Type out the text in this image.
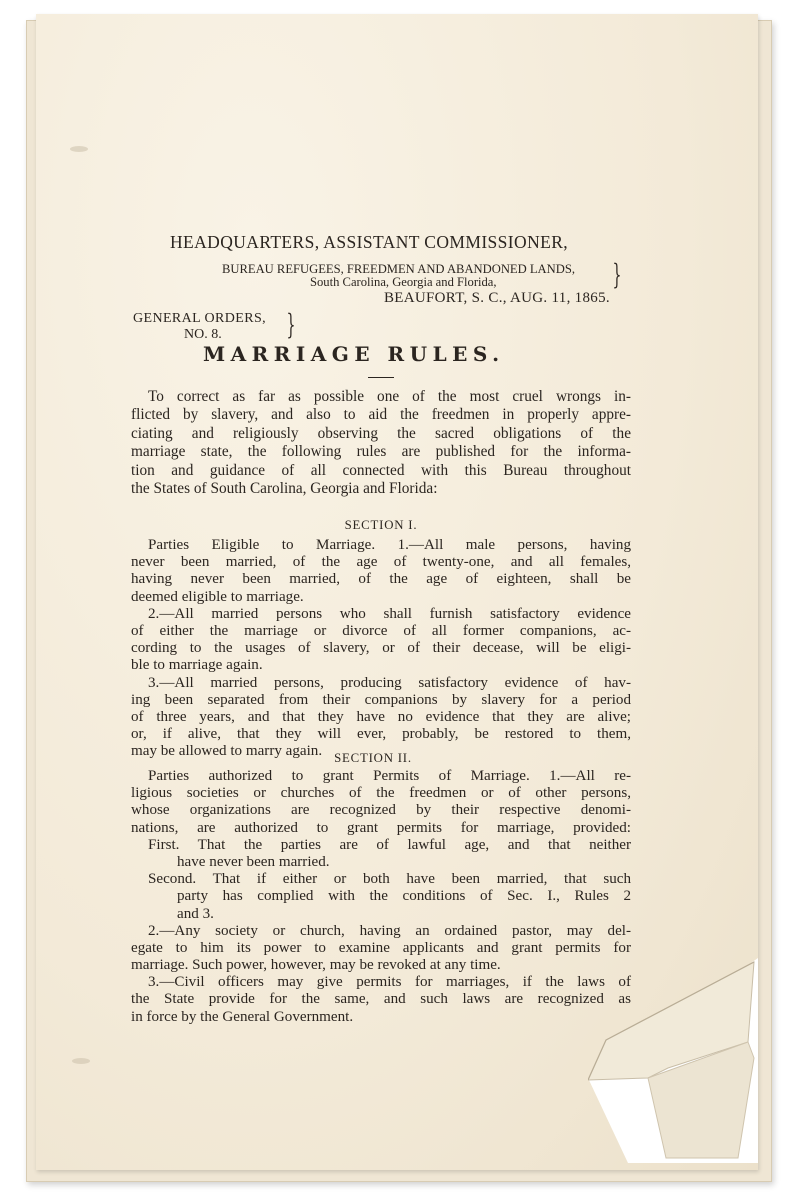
HEADQUARTERS, ASSISTANT COMMISSIONER,
BUREAU REFUGEES, FREEDMEN AND ABANDONED LANDS,
South Carolina, Georgia and Florida,	}
BEAUFORT, S. C., AUG. 11, 1865.
GENERAL ORDERS,
NO. 8. }
MARRIAGE RULES.
To correct as far as possible one of the most cruel wrongs in-
flicted by slavery, and also to aid the freedmen in properly appre-
ciating and religiously observing the sacred obligations of the
marriage state, the following rules are published for the informa-
tion and guidance of all connected with this Bureau throughout
the States of South Carolina, Georgia and Florida:
SECTION I.
Parties Eligible to Marriage. 1.—All male persons, having
never been married, of the age of twenty-one, and all females,
having never been married, of the age of eighteen, shall be
deemed eligible to marriage.
2.—All married persons who shall furnish satisfactory evidence
of either the marriage or divorce of all former companions, ac-
cording to the usages of slavery, or of their decease, will be eligi-
ble to marriage again.
3.—All married persons, producing satisfactory evidence of hav-
ing been separated from their companions by slavery for a period
of three years, and that they have no evidence that they are alive;
or, if alive, that they will ever, probably, be restored to them,
may be allowed to marry again. SECTION II.
Parties authorized to grant Permits of Marriage. 1.—All re-
ligious societies or churches of the freedmen or of other persons,
whose organizations are recognized by their respective denomi-
nations, are authorized to grant permits for marriage, provided:
First. That the parties are of lawful age, and that neither
have never been married.
Second. That if either or both have been married, that such
party has complied with the conditions of Sec. I., Rules 2
and 3.
2.—Any society or church, having an ordained pastor, may del-
egate to him its power to examine applicants and grant permits for
marriage. Such power, however, may be revoked at any time.
3.—Civil officers may give permits for marriages, if the laws of
the State provide for the same, and such laws are recognized as
in force by the General Government.
